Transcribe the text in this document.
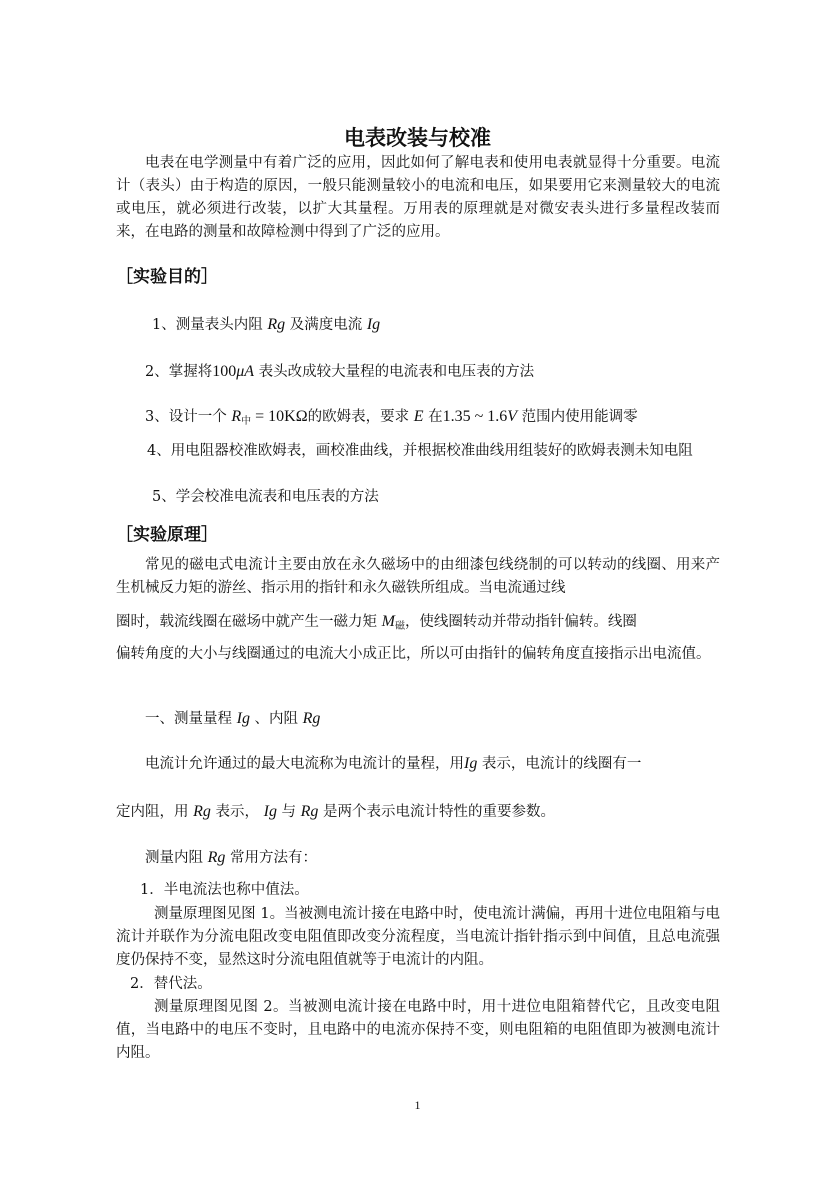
电表改装与校准
电表在电学测量中有着广泛的应用，因此如何了解电表和使用电表就显得十分重要。电流计（表头）由于构造的原因，一般只能测量较小的电流和电压，如果要用它来测量较大的电流或电压，就必须进行改装，以扩大其量程。万用表的原理就是对微安表头进行多量程改装而来，在电路的测量和故障检测中得到了广泛的应用。
［实验目的］
1、测量表头内阻 Rg 及满度电流 Ig
2、掌握将100μA 表头改成较大量程的电流表和电压表的方法
3、设计一个 $R_中 = 10K\Omega$的欧姆表，要求 E 在1.35 ~ 1.6V 范围内使用能调零
4、用电阻器校准欧姆表，画校准曲线，并根据校准曲线用组装好的欧姆表测未知电阻
5、学会校准电流表和电压表的方法
［实验原理］
常见的磁电式电流计主要由放在永久磁场中的由细漆包线绕制的可以转动的线圈、用来产生机械反力矩的游丝、指示用的指针和永久磁铁所组成。当电流通过线
圈时，载流线圈在磁场中就产生一磁力矩 $M_磁$，使线圈转动并带动指针偏转。线圈
偏转角度的大小与线圈通过的电流大小成正比，所以可由指针的偏转角度直接指示出电流值。
一、测量量程 Ig 、内阻 Rg
电流计允许通过的最大电流称为电流计的量程，用Ig 表示，电流计的线圈有一
定内阻，用 Rg 表示， Ig 与 Rg 是两个表示电流计特性的重要参数。
测量内阻 Rg 常用方法有：
1．半电流法也称中值法。
测量原理图见图 1。当被测电流计接在电路中时，使电流计满偏，再用十进位电阻箱与电流计并联作为分流电阻改变电阻值即改变分流程度，当电流计指针指示到中间值，且总电流强度仍保持不变，显然这时分流电阻值就等于电流计的内阻。
2．替代法。
测量原理图见图 2。当被测电流计接在电路中时，用十进位电阻箱替代它，且改变电阻值，当电路中的电压不变时，且电路中的电流亦保持不变，则电阻箱的电阻值即为被测电流计内阻。
1
